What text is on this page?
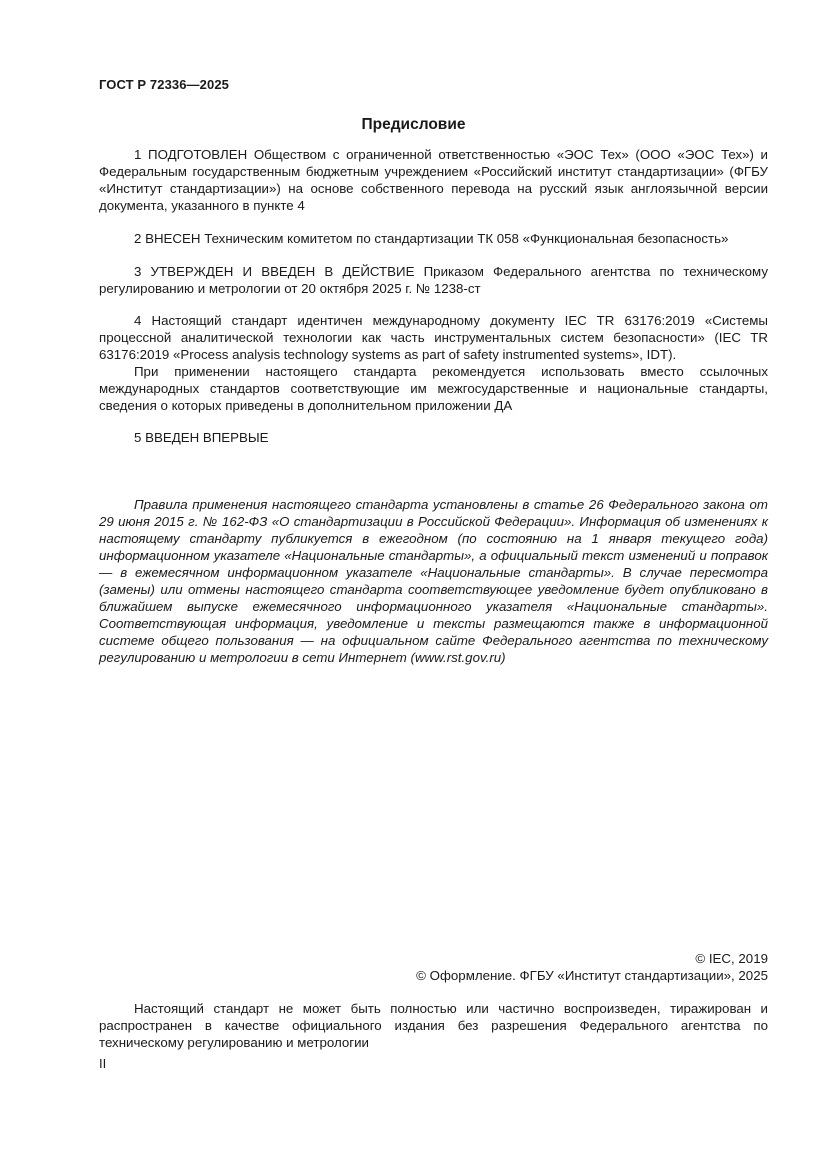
ГОСТ Р 72336—2025
Предисловие

1 ПОДГОТОВЛЕН Обществом с ограниченной ответственностью «ЭОС Тех» (ООО «ЭОС Тех») и Федеральным государственным бюджетным учреждением «Российский институт стандартизации» (ФГБУ «Институт стандартизации») на основе собственного перевода на русский язык англоязычной версии документа, указанного в пункте 4

2 ВНЕСЕН Техническим комитетом по стандартизации ТК 058 «Функциональная безопасность»

3 УТВЕРЖДЕН И ВВЕДЕН В ДЕЙСТВИЕ Приказом Федерального агентства по техническому регулированию и метрологии от 20 октября 2025 г. № 1238-ст

4 Настоящий стандарт идентичен международному документу IEC TR 63176:2019 «Системы процессной аналитической технологии как часть инструментальных систем безопасности» (IEC TR 63176:2019 «Process analysis technology systems as part of safety instrumented systems», IDT).

При применении настоящего стандарта рекомендуется использовать вместо ссылочных международных стандартов соответствующие им межгосударственные и национальные стандарты, сведения о которых приведены в дополнительном приложении ДА

5 ВВЕДЕН ВПЕРВЫЕ

Правила применения настоящего стандарта установлены в статье 26 Федерального закона от 29 июня 2015 г. № 162-ФЗ «О стандартизации в Российской Федерации». Информация об изменениях к настоящему стандарту публикуется в ежегодном (по состоянию на 1 января текущего года) информационном указателе «Национальные стандарты», а официальный текст изменений и поправок — в ежемесячном информационном указателе «Национальные стандарты». В случае пересмотра (замены) или отмены настоящего стандарта соответствующее уведомление будет опубликовано в ближайшем выпуске ежемесячного информационного указателя «Национальные стандарты». Соответствующая информация, уведомление и тексты размещаются также в информационной системе общего пользования — на официальном сайте Федерального агентства по техническому регулированию и метрологии в сети Интернет (www.rst.gov.ru)

© IEC, 2019
© Оформление. ФГБУ «Институт стандартизации», 2025

Настоящий стандарт не может быть полностью или частично воспроизведен, тиражирован и распространен в качестве официального издания без разрешения Федерального агентства по техническому регулированию и метрологии

II
